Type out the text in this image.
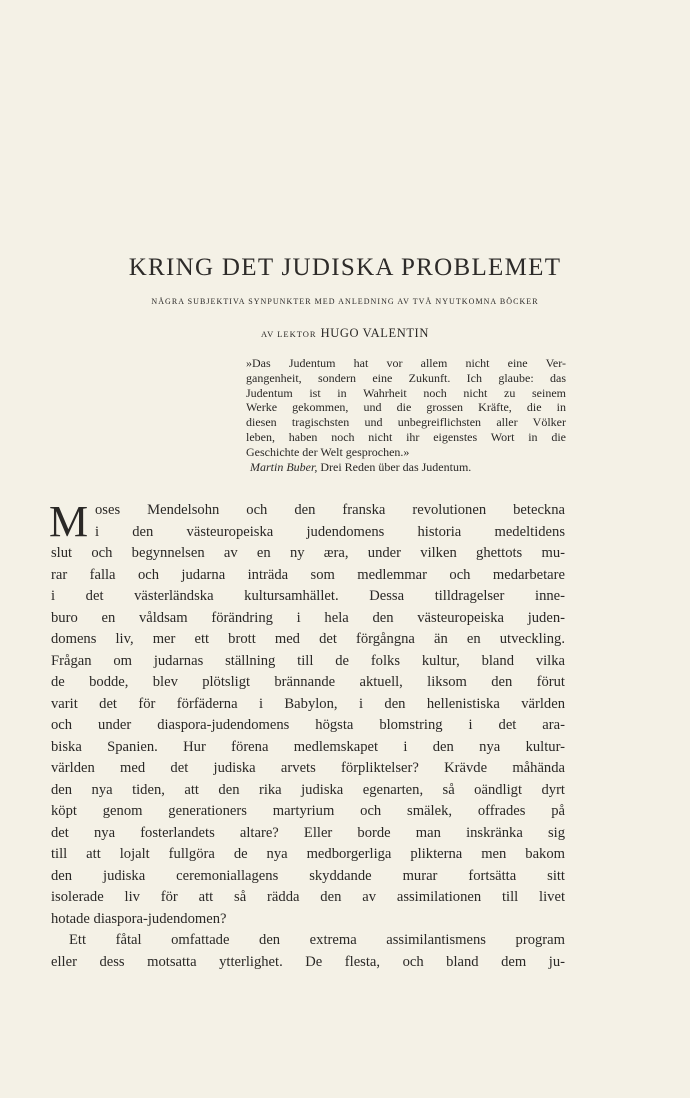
KRING DET JUDISKA PROBLEMET

NÅGRA SUBJEKTIVA SYNPUNKTER MED ANLEDNING AV TVÅ NYUTKOMNA BÖCKER

AV LEKTOR HUGO VALENTIN

»Das Judentum hat vor allem nicht eine Ver-
gangenheit, sondern eine Zukunft. Ich glaube: das
Judentum ist in Wahrheit noch nicht zu seinem
Werke gekommen, und die grossen Kräfte, die in
diesen tragischsten und unbegreiflichsten aller Völker
leben, haben noch nicht ihr eigenstes Wort in die
Geschichte der Welt gesprochen.»
Martin Buber, Drei Reden über das Judentum.
M oses Mendelsohn och den franska revolutionen beteckna
i den västeuropeiska judendomens historia medeltidens
slut och begynnelsen av en ny æra, under vilken ghettots mu-
rar falla och judarna inträda som medlemmar och medarbetare
i det västerländska kultursamhället. Dessa tilldragelser inne-
buro en våldsam förändring i hela den västeuropeiska juden-
domens liv, mer ett brott med det förgångna än en utveckling.
Frågan om judarnas ställning till de folks kultur, bland vilka
de bodde, blev plötsligt brännande aktuell, liksom den förut
varit det för förfäderna i Babylon, i den hellenistiska världen
och under diaspora-judendomens högsta blomstring i det ara-
biska Spanien. Hur förena medlemskapet i den nya kultur-
världen med det judiska arvets förpliktelser? Krävde måhända
den nya tiden, att den rika judiska egenarten, så oändligt dyrt
köpt genom generationers martyrium och smälek, offrades på
det nya fosterlandets altare? Eller borde man inskränka sig
till att lojalt fullgöra de nya medborgerliga plikterna men bakom
den judiska ceremoniallagens skyddande murar fortsätta sitt
isolerade liv för att så rädda den av assimilationen till livet
hotade diaspora-judendomen?
Ett fåtal omfattade den extrema assimilantismens program
eller dess motsatta ytterlighet. De flesta, och bland dem ju-
